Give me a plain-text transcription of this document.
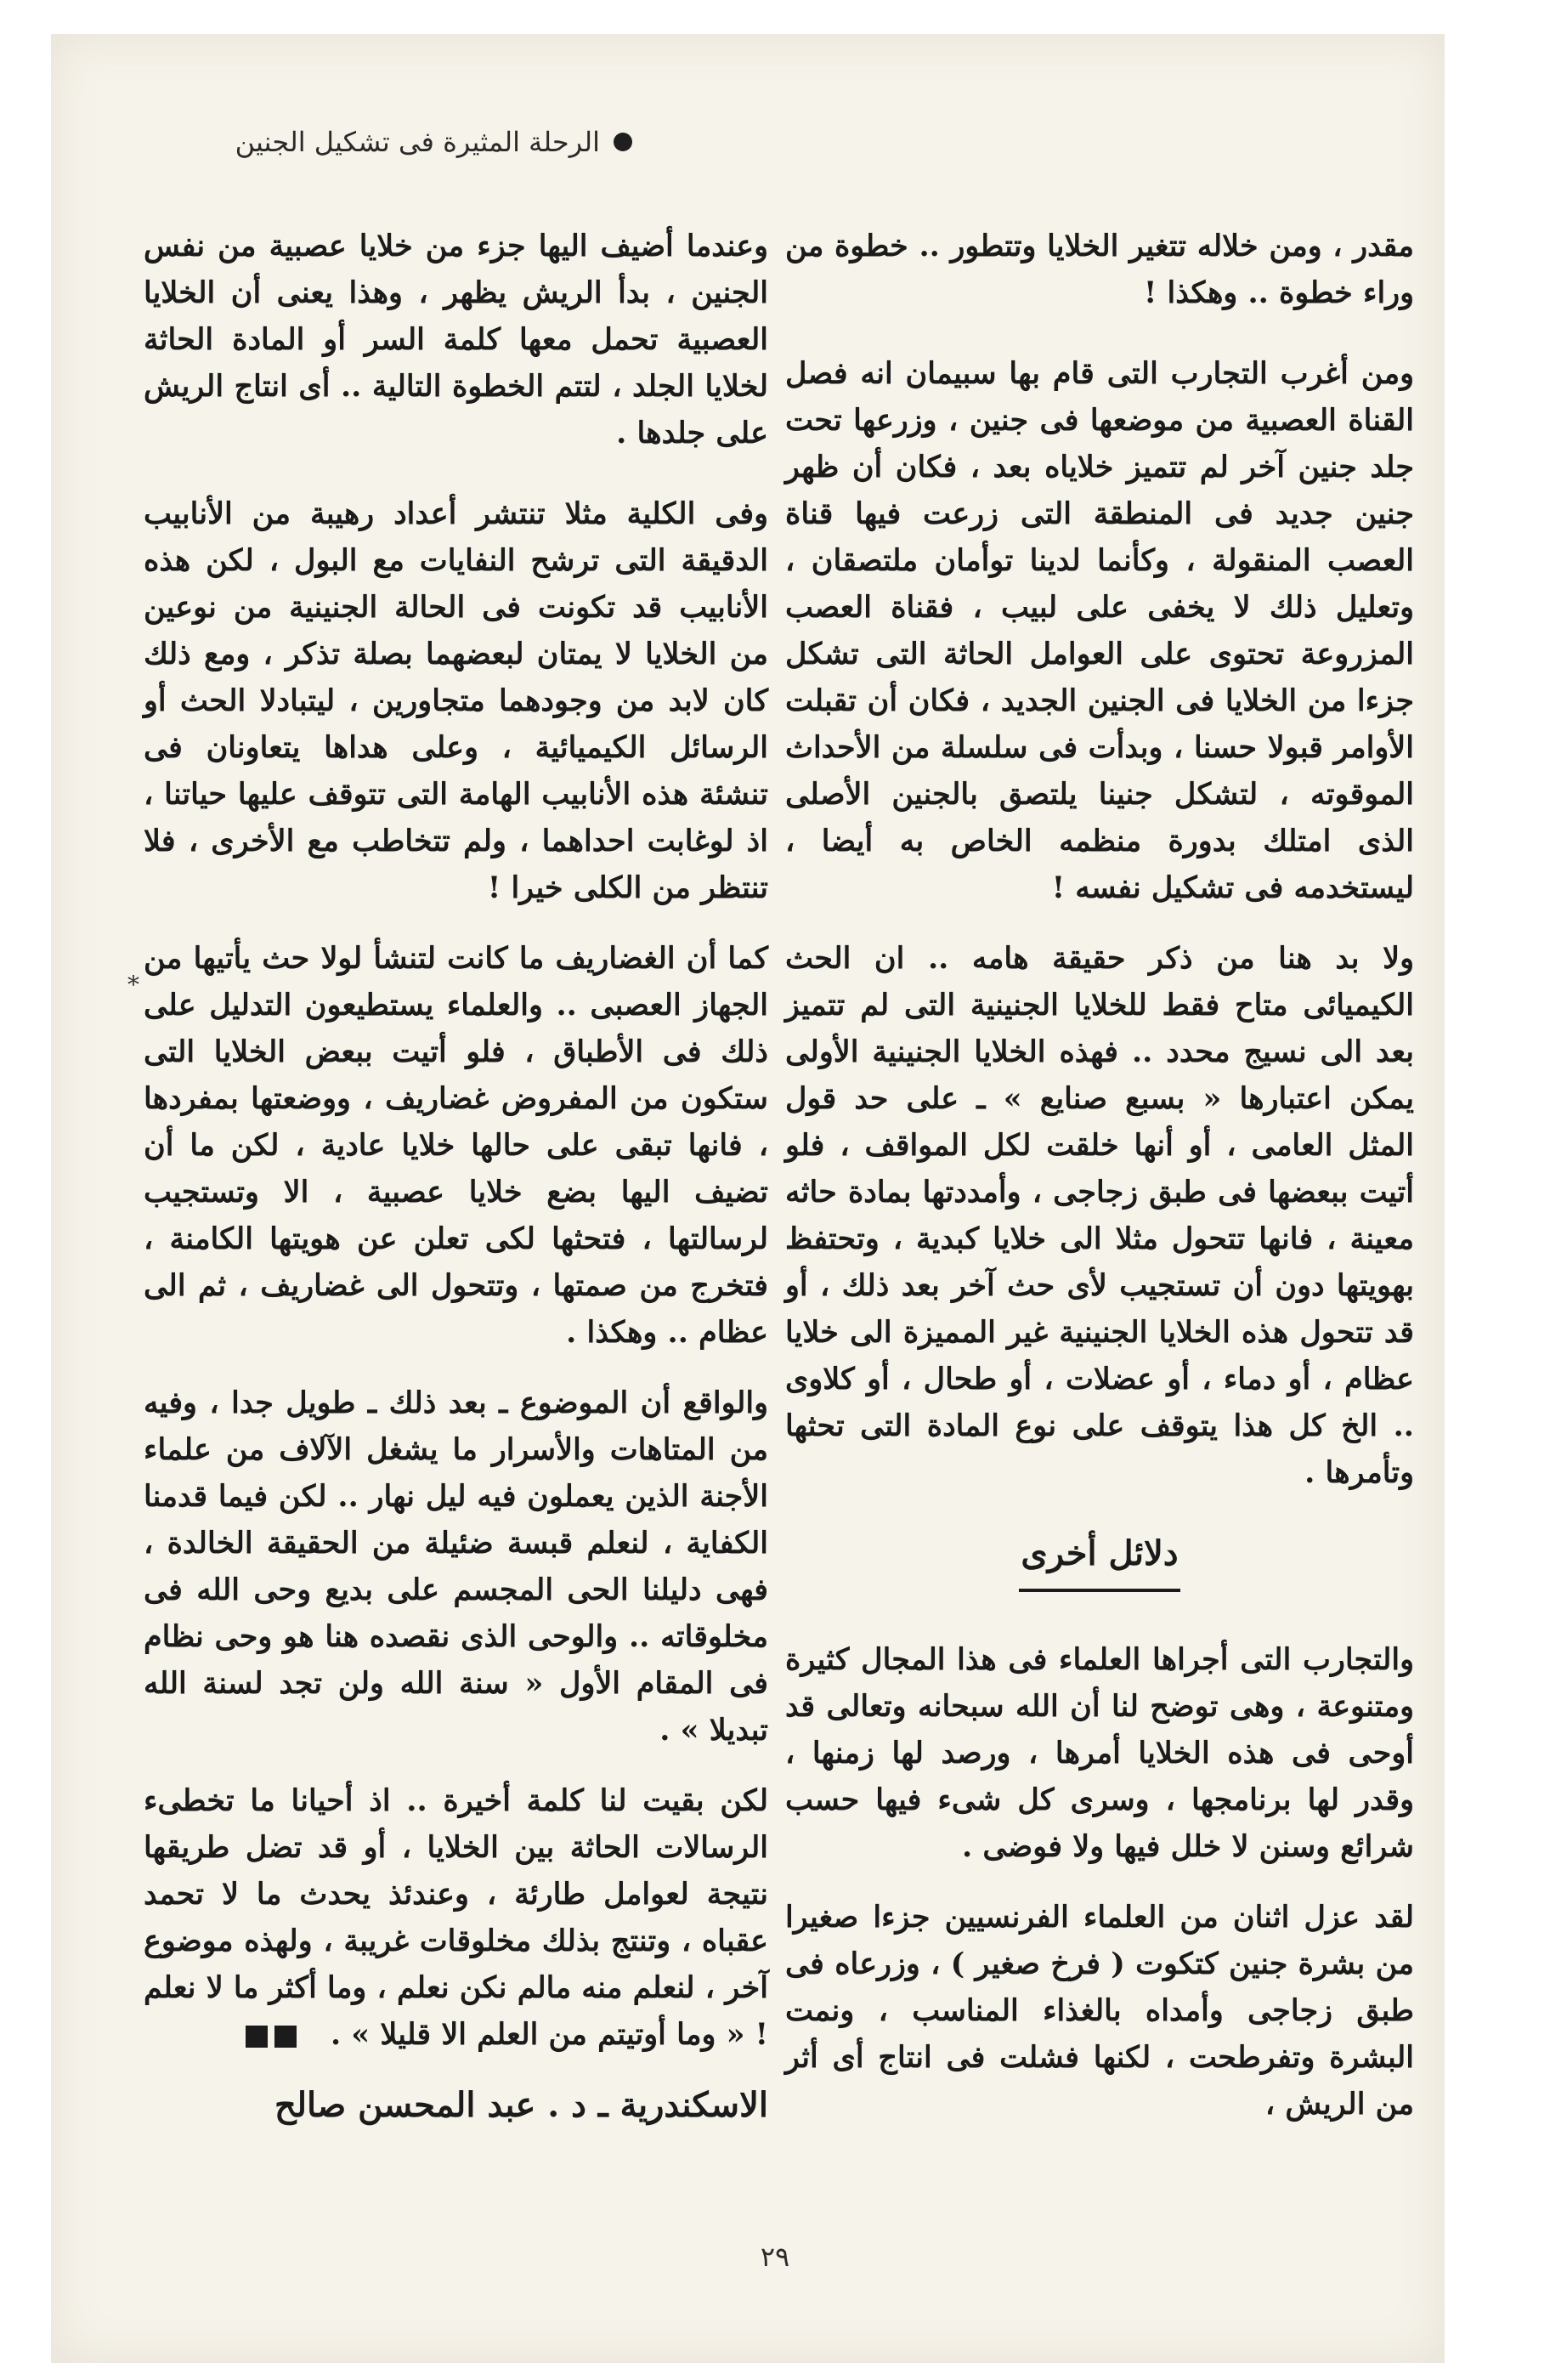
الرحلة المثيرة فى تشكيل الجنين
*

مقدر ، ومن خلاله تتغير الخلايا وتتطور .. خطوة من وراء خطوة .. وهكذا !

ومن أغرب التجارب التى قام بها سبيمان انه فصل القناة العصبية من موضعها فى جنين ، وزرعها تحت جلد جنين آخر لم تتميز خلاياه بعد ، فكان أن ظهر جنين جديد فى المنطقة التى زرعت فيها قناة العصب المنقولة ، وكأنما لدينا توأمان ملتصقان ، وتعليل ذلك لا يخفى على لبيب ، فقناة العصب المزروعة تحتوى على العوامل الحاثة التى تشكل جزءا من الخلايا فى الجنين الجديد ، فكان أن تقبلت الأوامر قبولا حسنا ، وبدأت فى سلسلة من الأحداث الموقوته ، لتشكل جنينا يلتصق بالجنين الأصلى الذى امتلك بدورة منظمه الخاص به أيضا ، ليستخدمه فى تشكيل نفسه !

ولا بد هنا من ذكر حقيقة هامه .. ان الحث الكيميائى متاح فقط للخلايا الجنينية التى لم تتميز بعد الى نسيج محدد .. فهذه الخلايا الجنينية الأولى يمكن اعتبارها « بسبع صنايع » ـ على حد قول المثل العامى ، أو أنها خلقت لكل المواقف ، فلو أتيت ببعضها فى طبق زجاجى ، وأمددتها بمادة حاثه معينة ، فانها تتحول مثلا الى خلايا كبدية ، وتحتفظ بهويتها دون أن تستجيب لأى حث آخر بعد ذلك ، أو قد تتحول هذه الخلايا الجنينية غير المميزة الى خلايا عظام ، أو دماء ، أو عضلات ، أو طحال ، أو كلاوى .. الخ كل هذا يتوقف على نوع المادة التى تحثها وتأمرها .

دلائل أخرى

والتجارب التى أجراها العلماء فى هذا المجال كثيرة ومتنوعة ، وهى توضح لنا أن الله سبحانه وتعالى قد أوحى فى هذه الخلايا أمرها ، ورصد لها زمنها ، وقدر لها برنامجها ، وسرى كل شىء فيها حسب شرائع وسنن لا خلل فيها ولا فوضى .

لقد عزل اثنان من العلماء الفرنسيين جزءا صغيرا من بشرة جنين كتكوت ( فرخ صغير ) ، وزرعاه فى طبق زجاجى وأمداه بالغذاء المناسب ، ونمت البشرة وتفرطحت ، لكنها فشلت فى انتاج أى أثر من الريش ،

وعندما أضيف اليها جزء من خلايا عصبية من نفس الجنين ، بدأ الريش يظهر ، وهذا يعنى أن الخلايا العصبية تحمل معها كلمة السر أو المادة الحاثة لخلايا الجلد ، لتتم الخطوة التالية .. أى انتاج الريش على جلدها .

وفى الكلية مثلا تنتشر أعداد رهيبة من الأنابيب الدقيقة التى ترشح النفايات مع البول ، لكن هذه الأنابيب قد تكونت فى الحالة الجنينية من نوعين من الخلايا لا يمتان لبعضهما بصلة تذكر ، ومع ذلك كان لابد من وجودهما متجاورين ، ليتبادلا الحث أو الرسائل الكيميائية ، وعلى هداها يتعاونان فى تنشئة هذه الأنابيب الهامة التى تتوقف عليها حياتنا ، اذ لوغابت احداهما ، ولم تتخاطب مع الأخرى ، فلا تنتظر من الكلى خيرا !

كما أن الغضاريف ما كانت لتنشأ لولا حث يأتيها من الجهاز العصبى .. والعلماء يستطيعون التدليل على ذلك فى الأطباق ، فلو أتيت ببعض الخلايا التى ستكون من المفروض غضاريف ، ووضعتها بمفردها ، فانها تبقى على حالها خلايا عادية ، لكن ما أن تضيف اليها بضع خلايا عصبية ، الا وتستجيب لرسالتها ، فتحثها لكى تعلن عن هويتها الكامنة ، فتخرج من صمتها ، وتتحول الى غضاريف ، ثم الى عظام .. وهكذا .

والواقع أن الموضوع ـ بعد ذلك ـ طويل جدا ، وفيه من المتاهات والأسرار ما يشغل الآلاف من علماء الأجنة الذين يعملون فيه ليل نهار .. لكن فيما قدمنا الكفاية ، لنعلم قبسة ضئيلة من الحقيقة الخالدة ، فهى دليلنا الحى المجسم على بديع وحى الله فى مخلوقاته .. والوحى الذى نقصده هنا هو وحى نظام فى المقام الأول « سنة الله ولن تجد لسنة الله تبديلا » .

لكن بقيت لنا كلمة أخيرة .. اذ أحيانا ما تخطىء الرسالات الحاثة بين الخلايا ، أو قد تضل طريقها نتيجة لعوامل طارئة ، وعندئذ يحدث ما لا تحمد عقباه ، وتنتج بذلك مخلوقات غريبة ، ولهذه موضوع آخر ، لنعلم منه مالم نكن نعلم ، وما أكثر ما لا نعلم ! « وما أوتيتم من العلم الا قليلا » .

الاسكندرية ـ د . عبد المحسن صالح
٢٩
